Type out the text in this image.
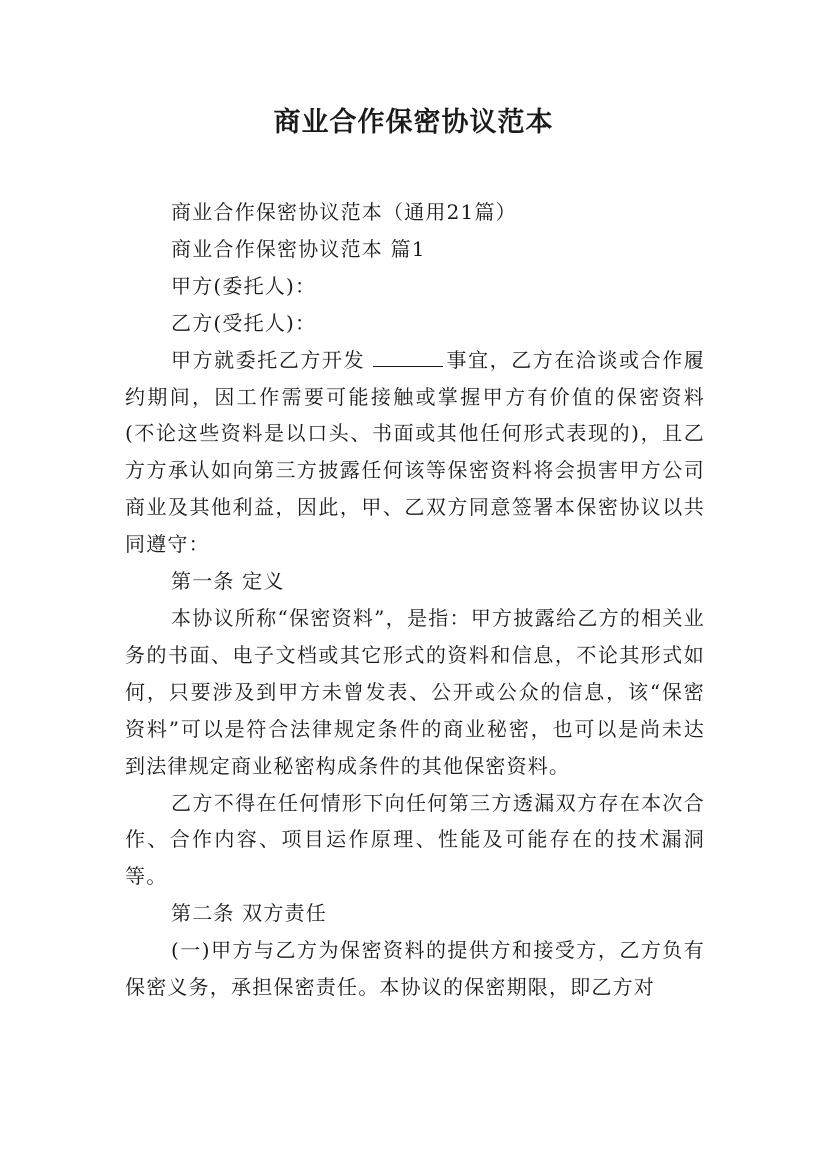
商业合作保密协议范本

商业合作保密协议范本（通用21篇）

商业合作保密协议范本 篇1

甲方(委托人)：

乙方(受托人)：

甲方就委托乙方开发	事宜，乙方在洽谈或合作履约期间，因工作需要可能接触或掌握甲方有价值的保密资料(不论这些资料是以口头、书面或其他任何形式表现的)，且乙方方承认如向第三方披露任何该等保密资料将会损害甲方公司商业及其他利益，因此，甲、乙双方同意签署本保密协议以共同遵守：

第一条 定义

本协议所称“保密资料”，是指：甲方披露给乙方的相关业务的书面、电子文档或其它形式的资料和信息，不论其形式如何，只要涉及到甲方未曾发表、公开或公众的信息，该“保密资料”可以是符合法律规定条件的商业秘密，也可以是尚未达到法律规定商业秘密构成条件的其他保密资料。

乙方不得在任何情形下向任何第三方透漏双方存在本次合作、合作内容、项目运作原理、性能及可能存在的技术漏洞等。

第二条 双方责任

(一)甲方与乙方为保密资料的提供方和接受方，乙方负有保密义务，承担保密责任。本协议的保密期限，即乙方对
